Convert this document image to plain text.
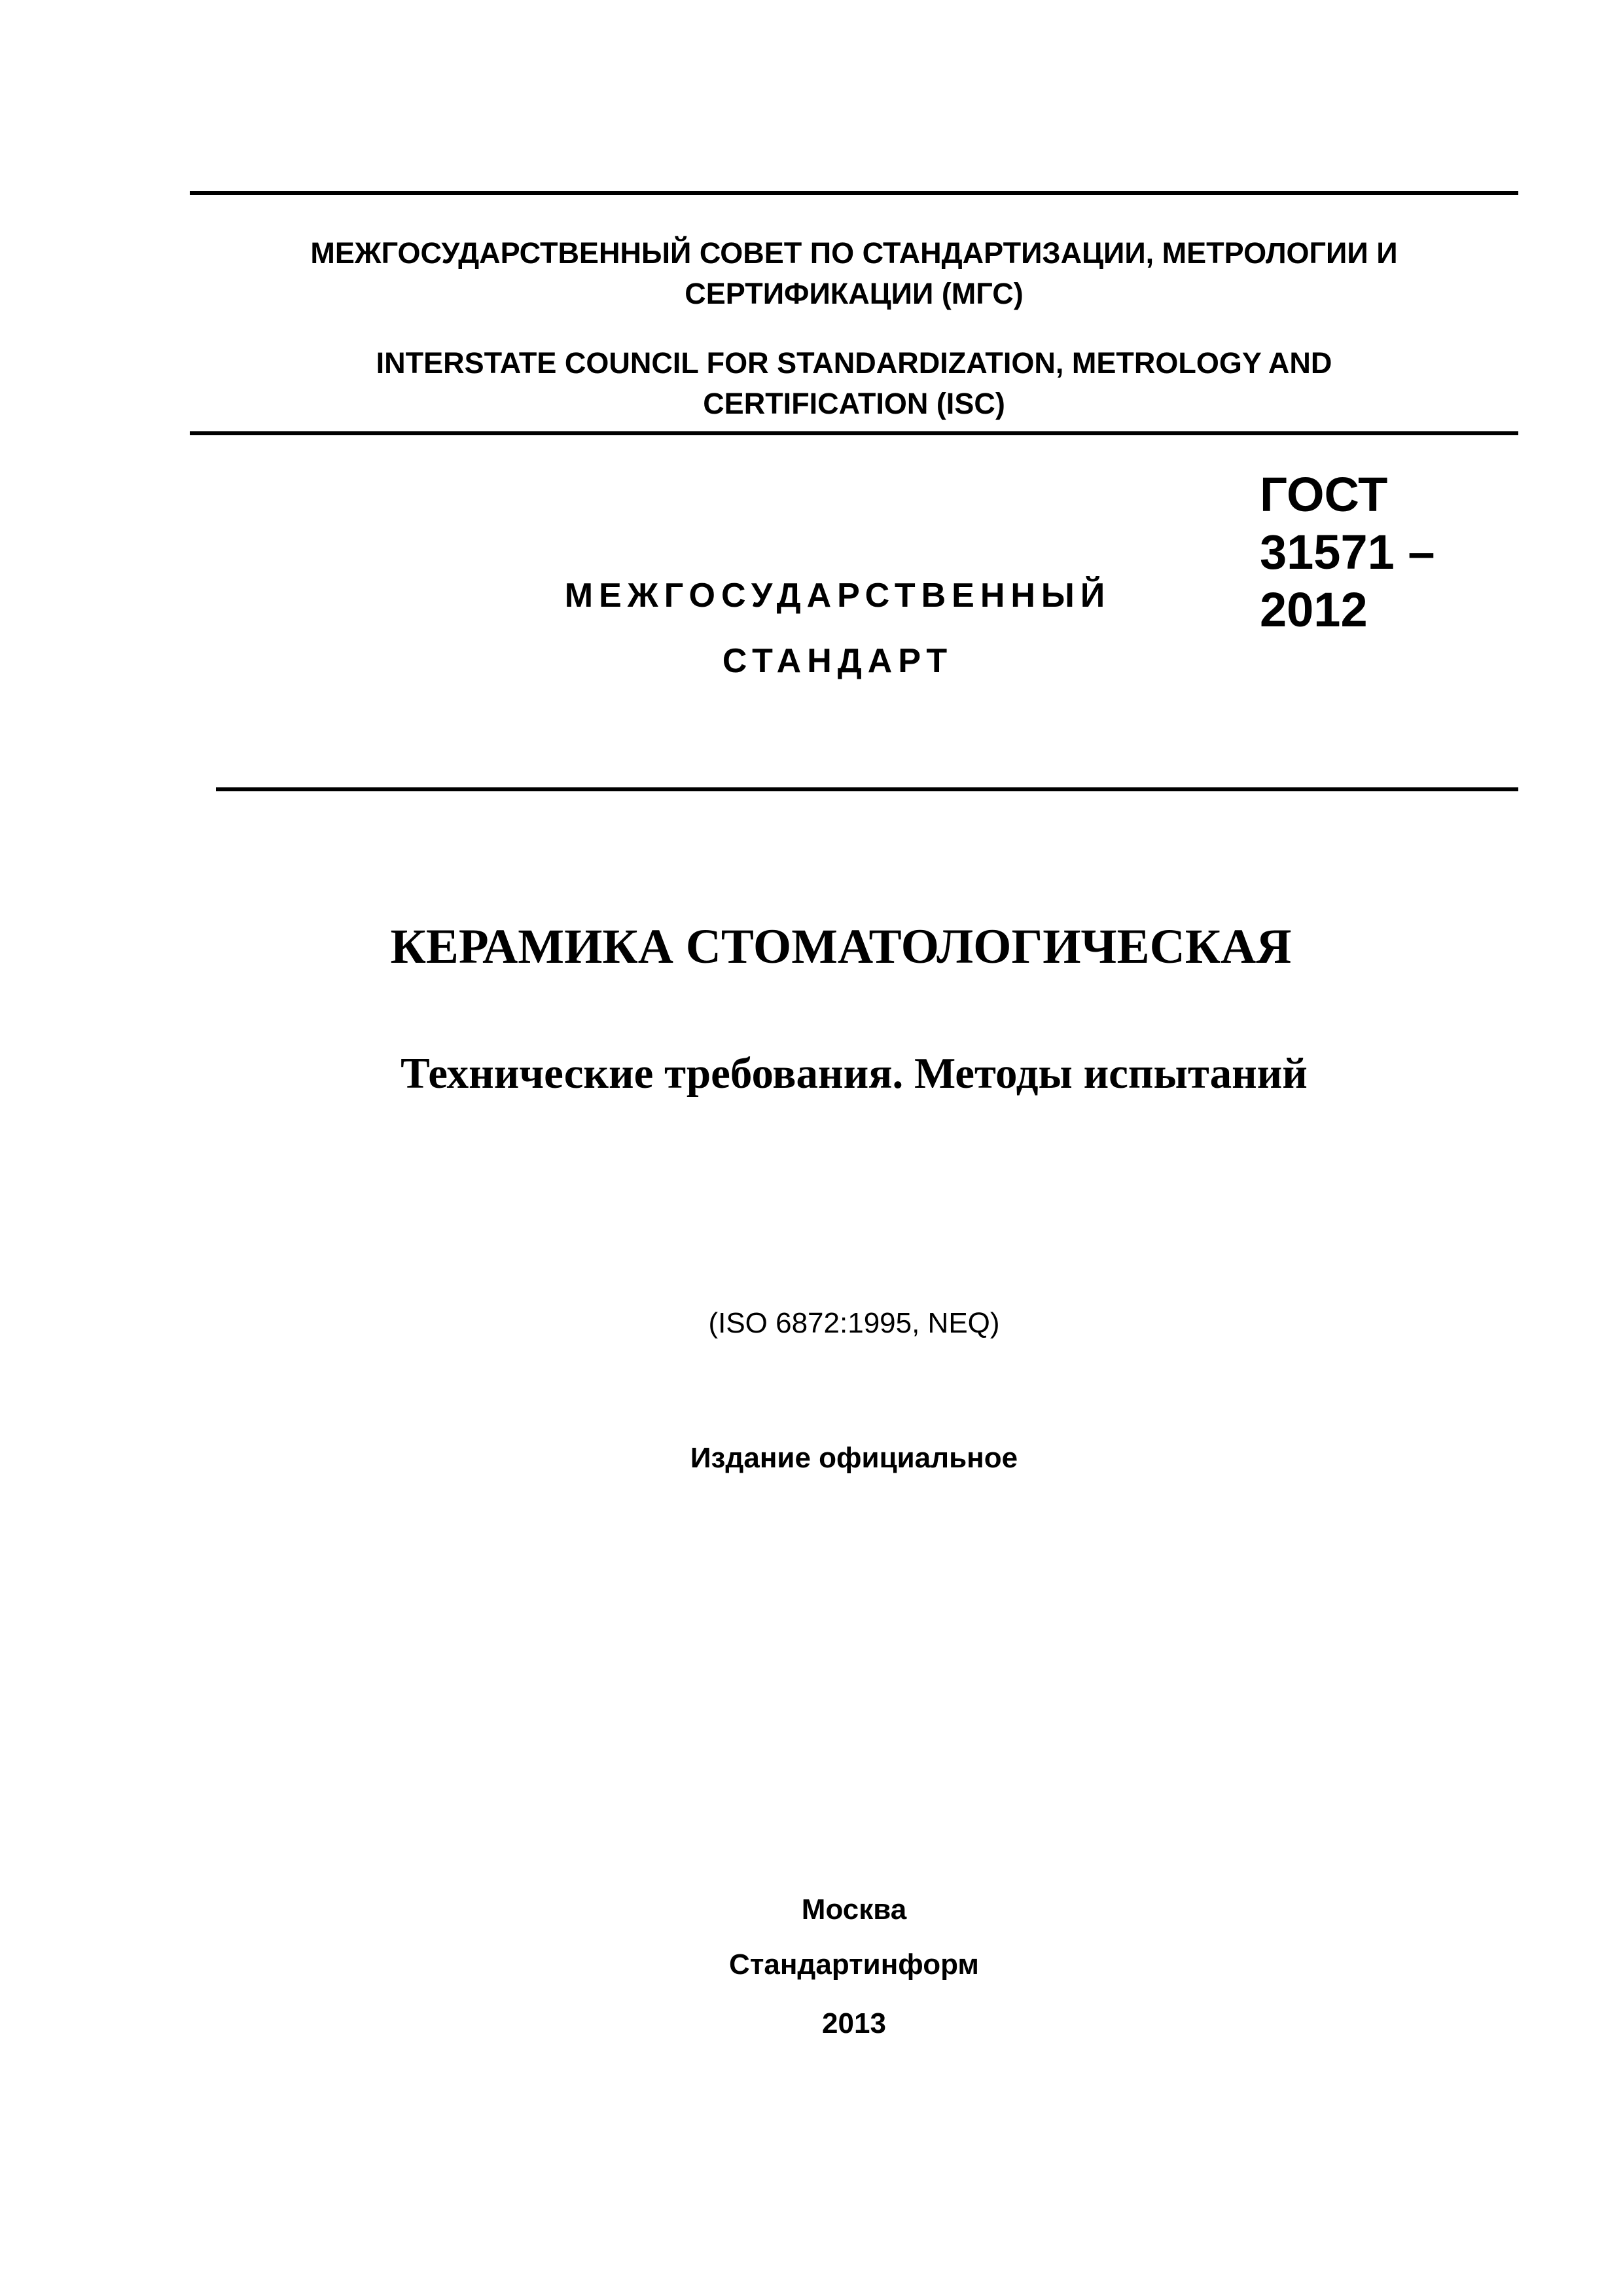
МЕЖГОСУДАРСТВЕННЫЙ СОВЕТ ПО СТАНДАРТИЗАЦИИ, МЕТРОЛОГИИ И
СЕРТИФИКАЦИИ (МГС)

INTERSTATE COUNCIL FOR STANDARDIZATION, METROLOGY AND
CERTIFICATION (ISC)

МЕЖГОСУДАРСТВЕННЫЙ
СТАНДАРТ
ГОСТ
31571 –
2012
КЕРАМИКА СТОМАТОЛОГИЧЕСКАЯ
Технические требования. Методы испытаний
(ISO 6872:1995, NEQ)
Издание официальное
Москва
Стандартинформ
2013
